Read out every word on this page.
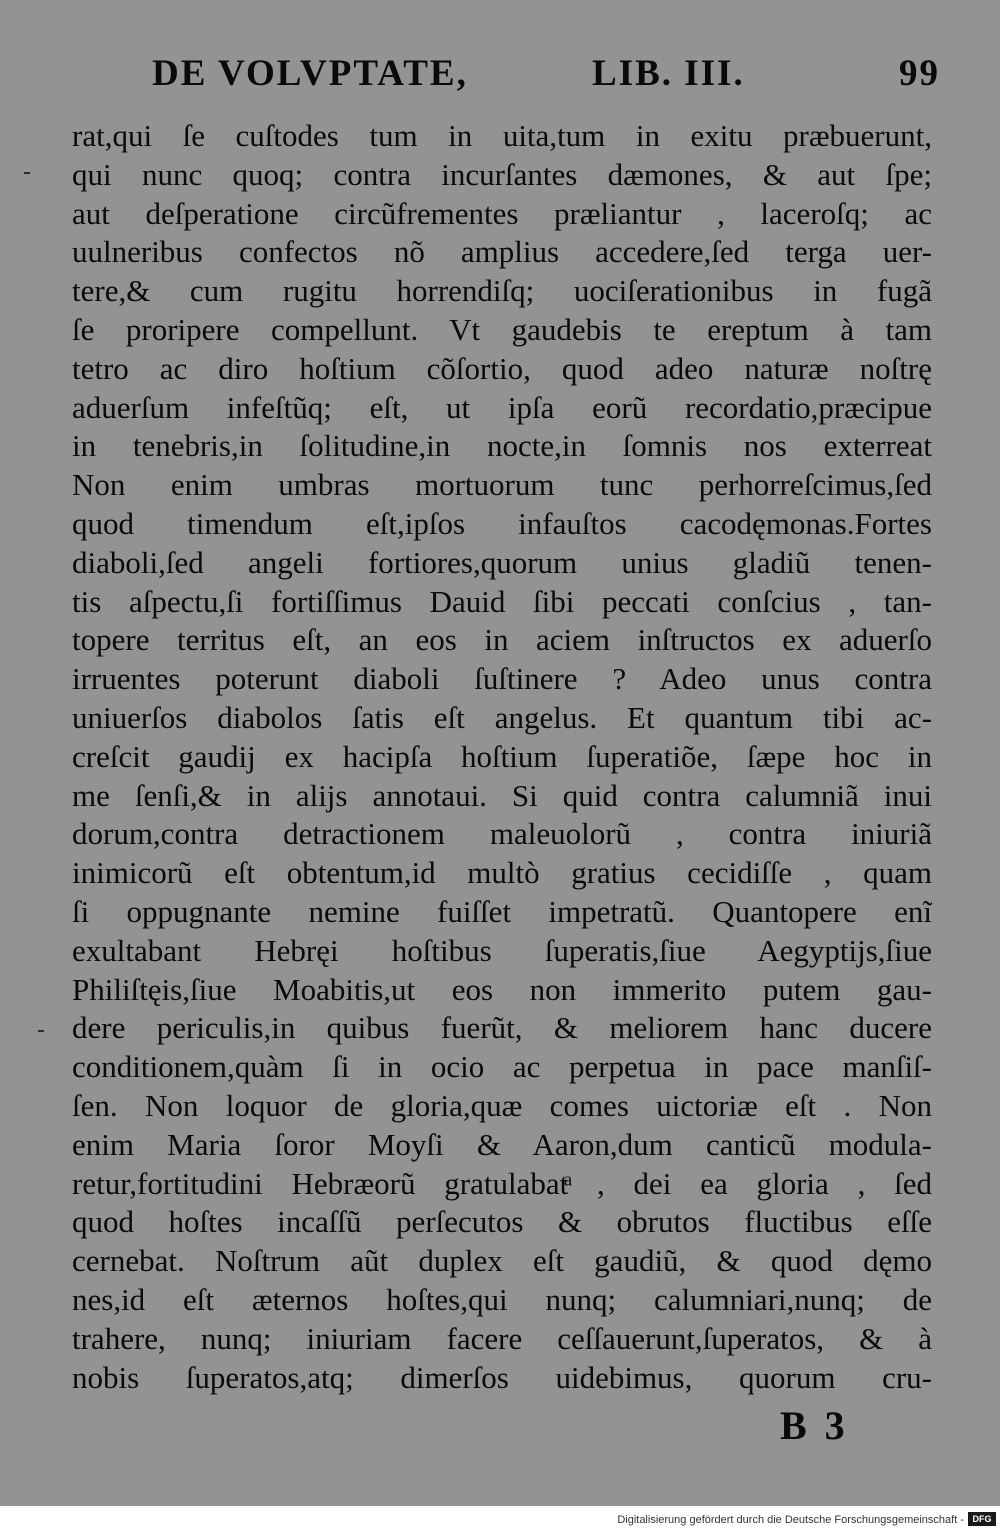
DE VOLVPTATE,	LIB. III.	99
rat,qui ſe cuſtodes tum in uita,tum in exitu præbuerunt,
qui nunc quoq; contra incurſantes dæmones, & aut ſpe;
aut deſperatione circũfrementes præliantur , laceroſq; ac
uulneribus confectos nõ amplius accedere,ſed terga uer-
tere,& cum rugitu horrendiſq; uociſerationibus in fugã
ſe proripere compellunt. Vt gaudebis te ereptum à tam
tetro ac diro hoſtium cõſortio, quod adeo naturæ noſtrę
aduerſum infeſtũq; eſt, ut ipſa eorũ recordatio,præcipue
in tenebris,in ſolitudine,in nocte,in ſomnis nos exterreat
Non enim umbras mortuorum tunc perhorreſcimus,ſed
quod timendum eſt,ipſos infauſtos cacodęmonas.Fortes
diaboli,ſed angeli fortiores,quorum unius gladiũ tenen-
tis aſpectu,ſi fortiſſimus Dauid ſibi peccati conſcius , tan-
topere territus eſt, an eos in aciem inſtructos ex aduerſo
irruentes poterunt diaboli ſuſtinere ? Adeo unus contra
uniuerſos diabolos ſatis eſt angelus. Et quantum tibi ac-
creſcit gaudij ex hacipſa hoſtium ſuperatiõe, ſæpe hoc in
me ſenſi,& in alijs annotaui. Si quid contra calumniã inui
dorum,contra detractionem maleuolorũ , contra iniuriã
inimicorũ eſt obtentum,id multò gratius cecidiſſe , quam
ſi oppugnante nemine fuiſſet impetratũ. Quantopere enĩ
exultabant Hebręi hoſtibus ſuperatis,ſiue Aegyptijs,ſiue
Philiſtęis,ſiue Moabitis,ut eos non immerito putem gau-
dere periculis,in quibus fuerũt, & meliorem hanc ducere
conditionem,quàm ſi in ocio ac perpetua in pace manſiſ-
ſen. Non loquor de gloria,quæ comes uictoriæ eſt . Non
enim Maria ſoror Moyſi & Aaron,dum canticũ modula-
retur,fortitudini Hebræorũ gratulabatͣ , dei ea gloria , ſed
quod hoſtes incaſſũ perſecutos & obrutos fluctibus eſſe
cernebat. Noſtrum aũt duplex eſt gaudiũ, & quod dęmo
nes,id eſt æternos hoſtes,qui nunq; calumniari,nunq; de
trahere, nunq; iniuriam facere ceſſauerunt,ſuperatos, & à
nobis ſuperatos,atq; dimerſos uidebimus, quorum cru-
B 3
Digitalisierung gefördert durch die Deutsche Forschungsgemeinschaft - DFG
